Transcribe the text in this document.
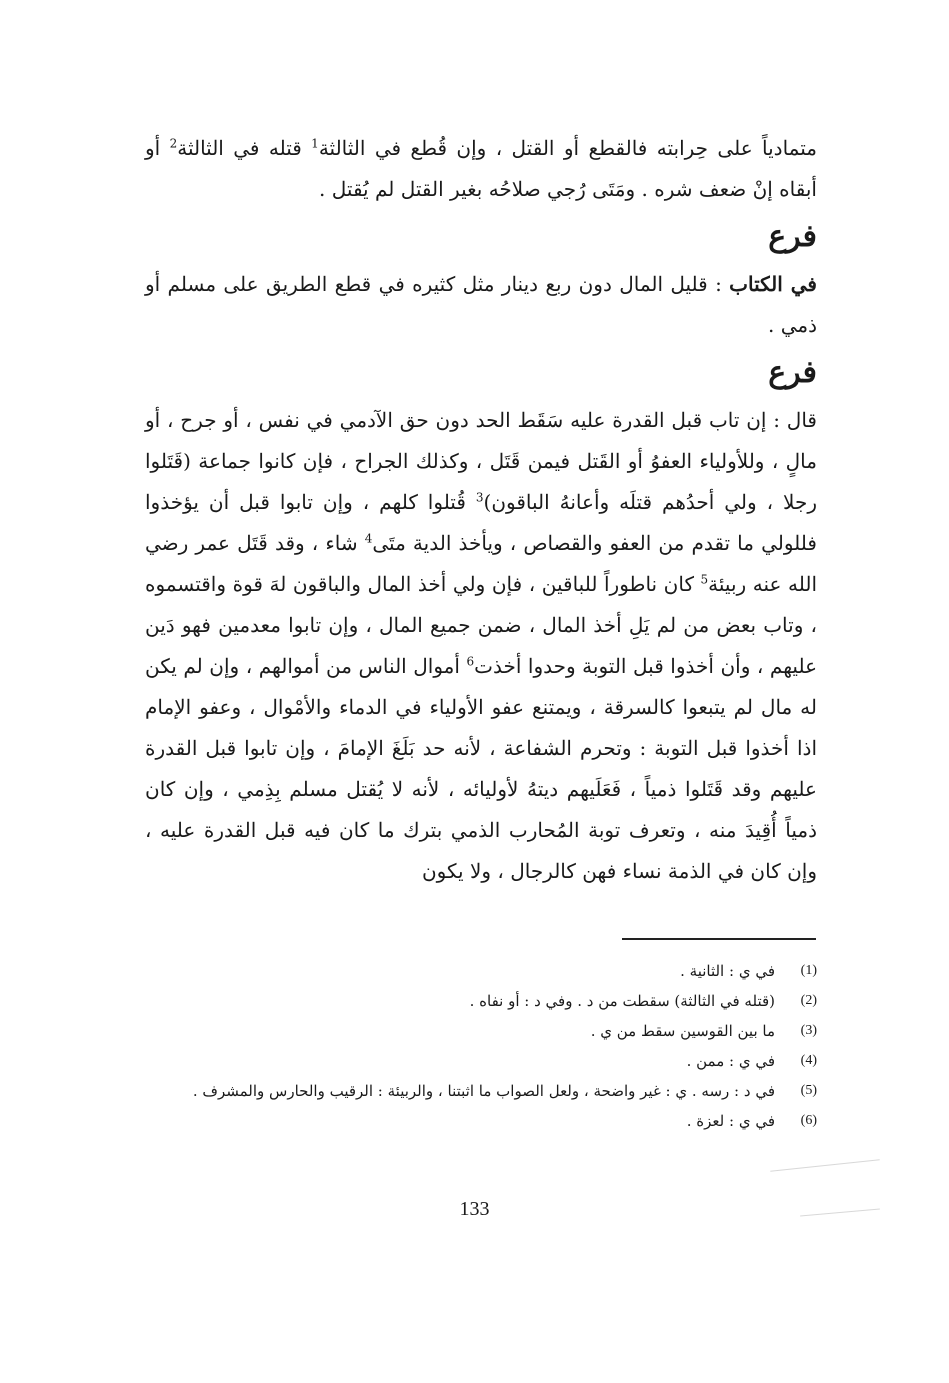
متمادياً على حِرابته فالقطع أو القتل ، وإن قُطع في الثالثة$^1$ قتله في الثالثة$^2$ أو أبقاه إنْ ضعف شره . ومَتَى رُجي صلاحُه بغير القتل لم يُقتل .

فرع

في الكتاب : قليل المال دون ربع دينار مثل كثيره في قطع الطريق على مسلم أو ذمي .

فرع

قال : إن تاب قبل القدرة عليه سَقَط الحد دون حق الآدمي في نفس ، أو جرح ، أو مالٍ ، وللأولياء العفوُ أو القَتل فيمن قَتَل ، وكذلك الجراح ، فإن كانوا جماعة (قَتَلوا رجلا ، ولي أحدُهم قتلَه وأعانهُ الباقون)$^3$ قُتلوا كلهم ، وإن تابوا قبل أن يؤخذوا فللولي ما تقدم من العفو والقصاص ، ويأخذ الدية متَى$^4$ شاء ، وقد قَتَل عمر رضي الله عنه ربيئة$^5$ كان ناطوراً للباقين ، فإن ولي أخذ المال والباقون لهَ قوة واقتسموه ، وتاب بعض من لم يَلِ أخذ المال ، ضمن جميع المال ، وإن تابوا معدمين فهو دَين عليهم ، وأن أخذوا قبل التوبة وحدوا أخذت$^6$ أموال الناس من أموالهم ، وإن لم يكن له مال لم يتبعوا كالسرقة ، ويمتنع عفو الأولياء في الدماء والأمْوال ، وعفو الإمام اذا أخذوا قبل التوبة : وتحرم الشفاعة ، لأنه حد بَلَغَ الإمامَ ، وإن تابوا قبل القدرة عليهم وقد قَتَلوا ذمياً ، فَعَلَيهم ديتهُ لأوليائه ، لأنه لا يُقتل مسلم بِذِمي ، وإن كان ذمياً أُقِيدَ منه ، وتعرف توبة المُحارب الذمي بترك ما كان فيه قبل القدرة عليه ، وإن كان في الذمة نساء فهن كالرجال ، ولا يكون

(1)
في ي : الثانية .
(2)
(قتله في الثالثة) سقطت من د . وفي د : أو نفاه .
(3)
ما بين القوسين سقط من ي .
(4)
في ي : ممن .
(5)
في د : رسه . ي : غير واضحة ، ولعل الصواب ما اثبتنا ، والربيئة : الرقيب والحارس والمشرف .
(6)
في ي : لعزة .
133
